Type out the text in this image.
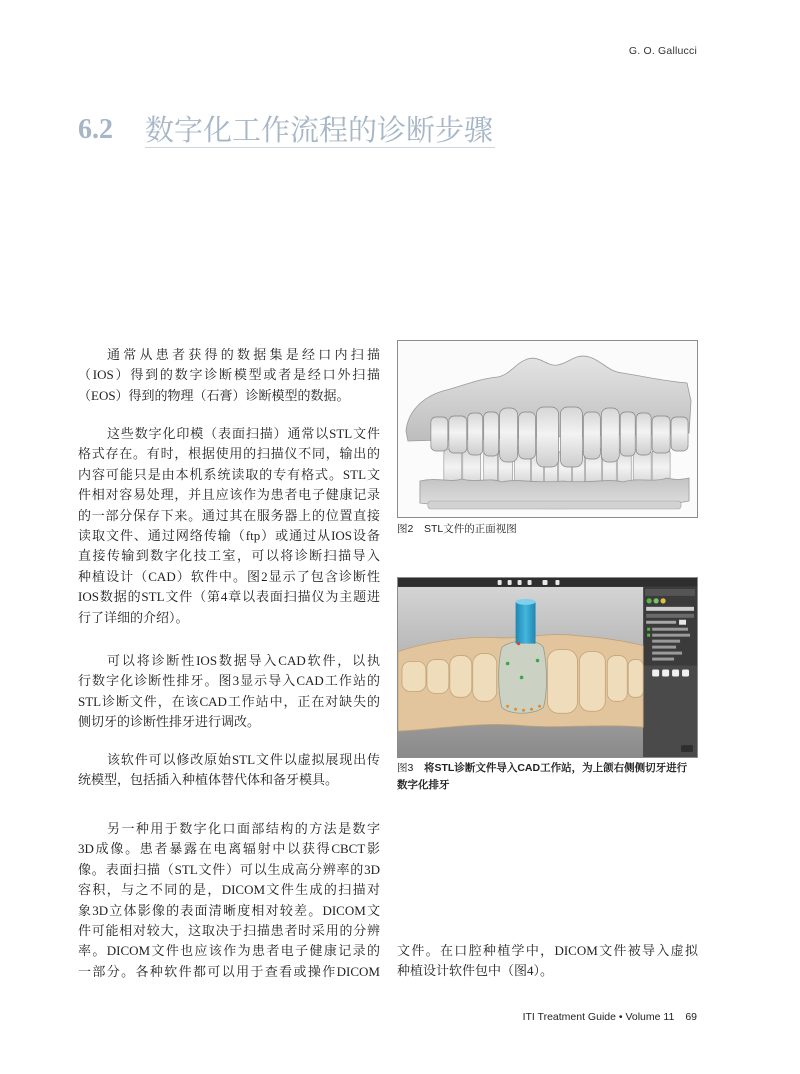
G. O. Gallucci
6.2 数字化工作流程的诊断步骤
通常从患者获得的数据集是经口内扫描
（IOS）得到的数字诊断模型或者是经口外扫描
（EOS）得到的物理（石膏）诊断模型的数据。
这些数字化印模（表面扫描）通常以STL文件
格式存在。有时，根据使用的扫描仪不同，输出的
内容可能只是由本机系统读取的专有格式。STL文
件相对容易处理，并且应该作为患者电子健康记录
的一部分保存下来。通过其在服务器上的位置直接
读取文件、通过网络传输（ftp）或通过从IOS设备
直接传输到数字化技工室，可以将诊断扫描导入
种植设计（CAD）软件中。图2显示了包含诊断性
IOS数据的STL文件（第4章以表面扫描仪为主题进
行了详细的介绍）。
可以将诊断性IOS数据导入CAD软件，以执
行数字化诊断性排牙。图3显示导入CAD工作站的
STL诊断文件，在该CAD工作站中，正在对缺失的
侧切牙的诊断性排牙进行调改。
该软件可以修改原始STL文件以虚拟展现出传
统模型，包括插入种植体替代体和备牙模具。
另一种用于数字化口面部结构的方法是数字
3D成像。患者暴露在电离辐射中以获得CBCT影
像。表面扫描（STL文件）可以生成高分辨率的3D
容积，与之不同的是，DICOM文件生成的扫描对
象3D立体影像的表面清晰度相对较差。DICOM文
件可能相对较大，这取决于扫描患者时采用的分辨
率。DICOM文件也应该作为患者电子健康记录的
一部分。各种软件都可以用于查看或操作DICOM
文件。在口腔种植学中，DICOM文件被导入虚拟
种植设计软件包中（图4）。
图2 STL文件的正面视图
图3 将STL诊断文件导入CAD工作站，为上颌右侧侧切牙进行
数字化排牙
ITI Treatment Guide • Volume 11 69
